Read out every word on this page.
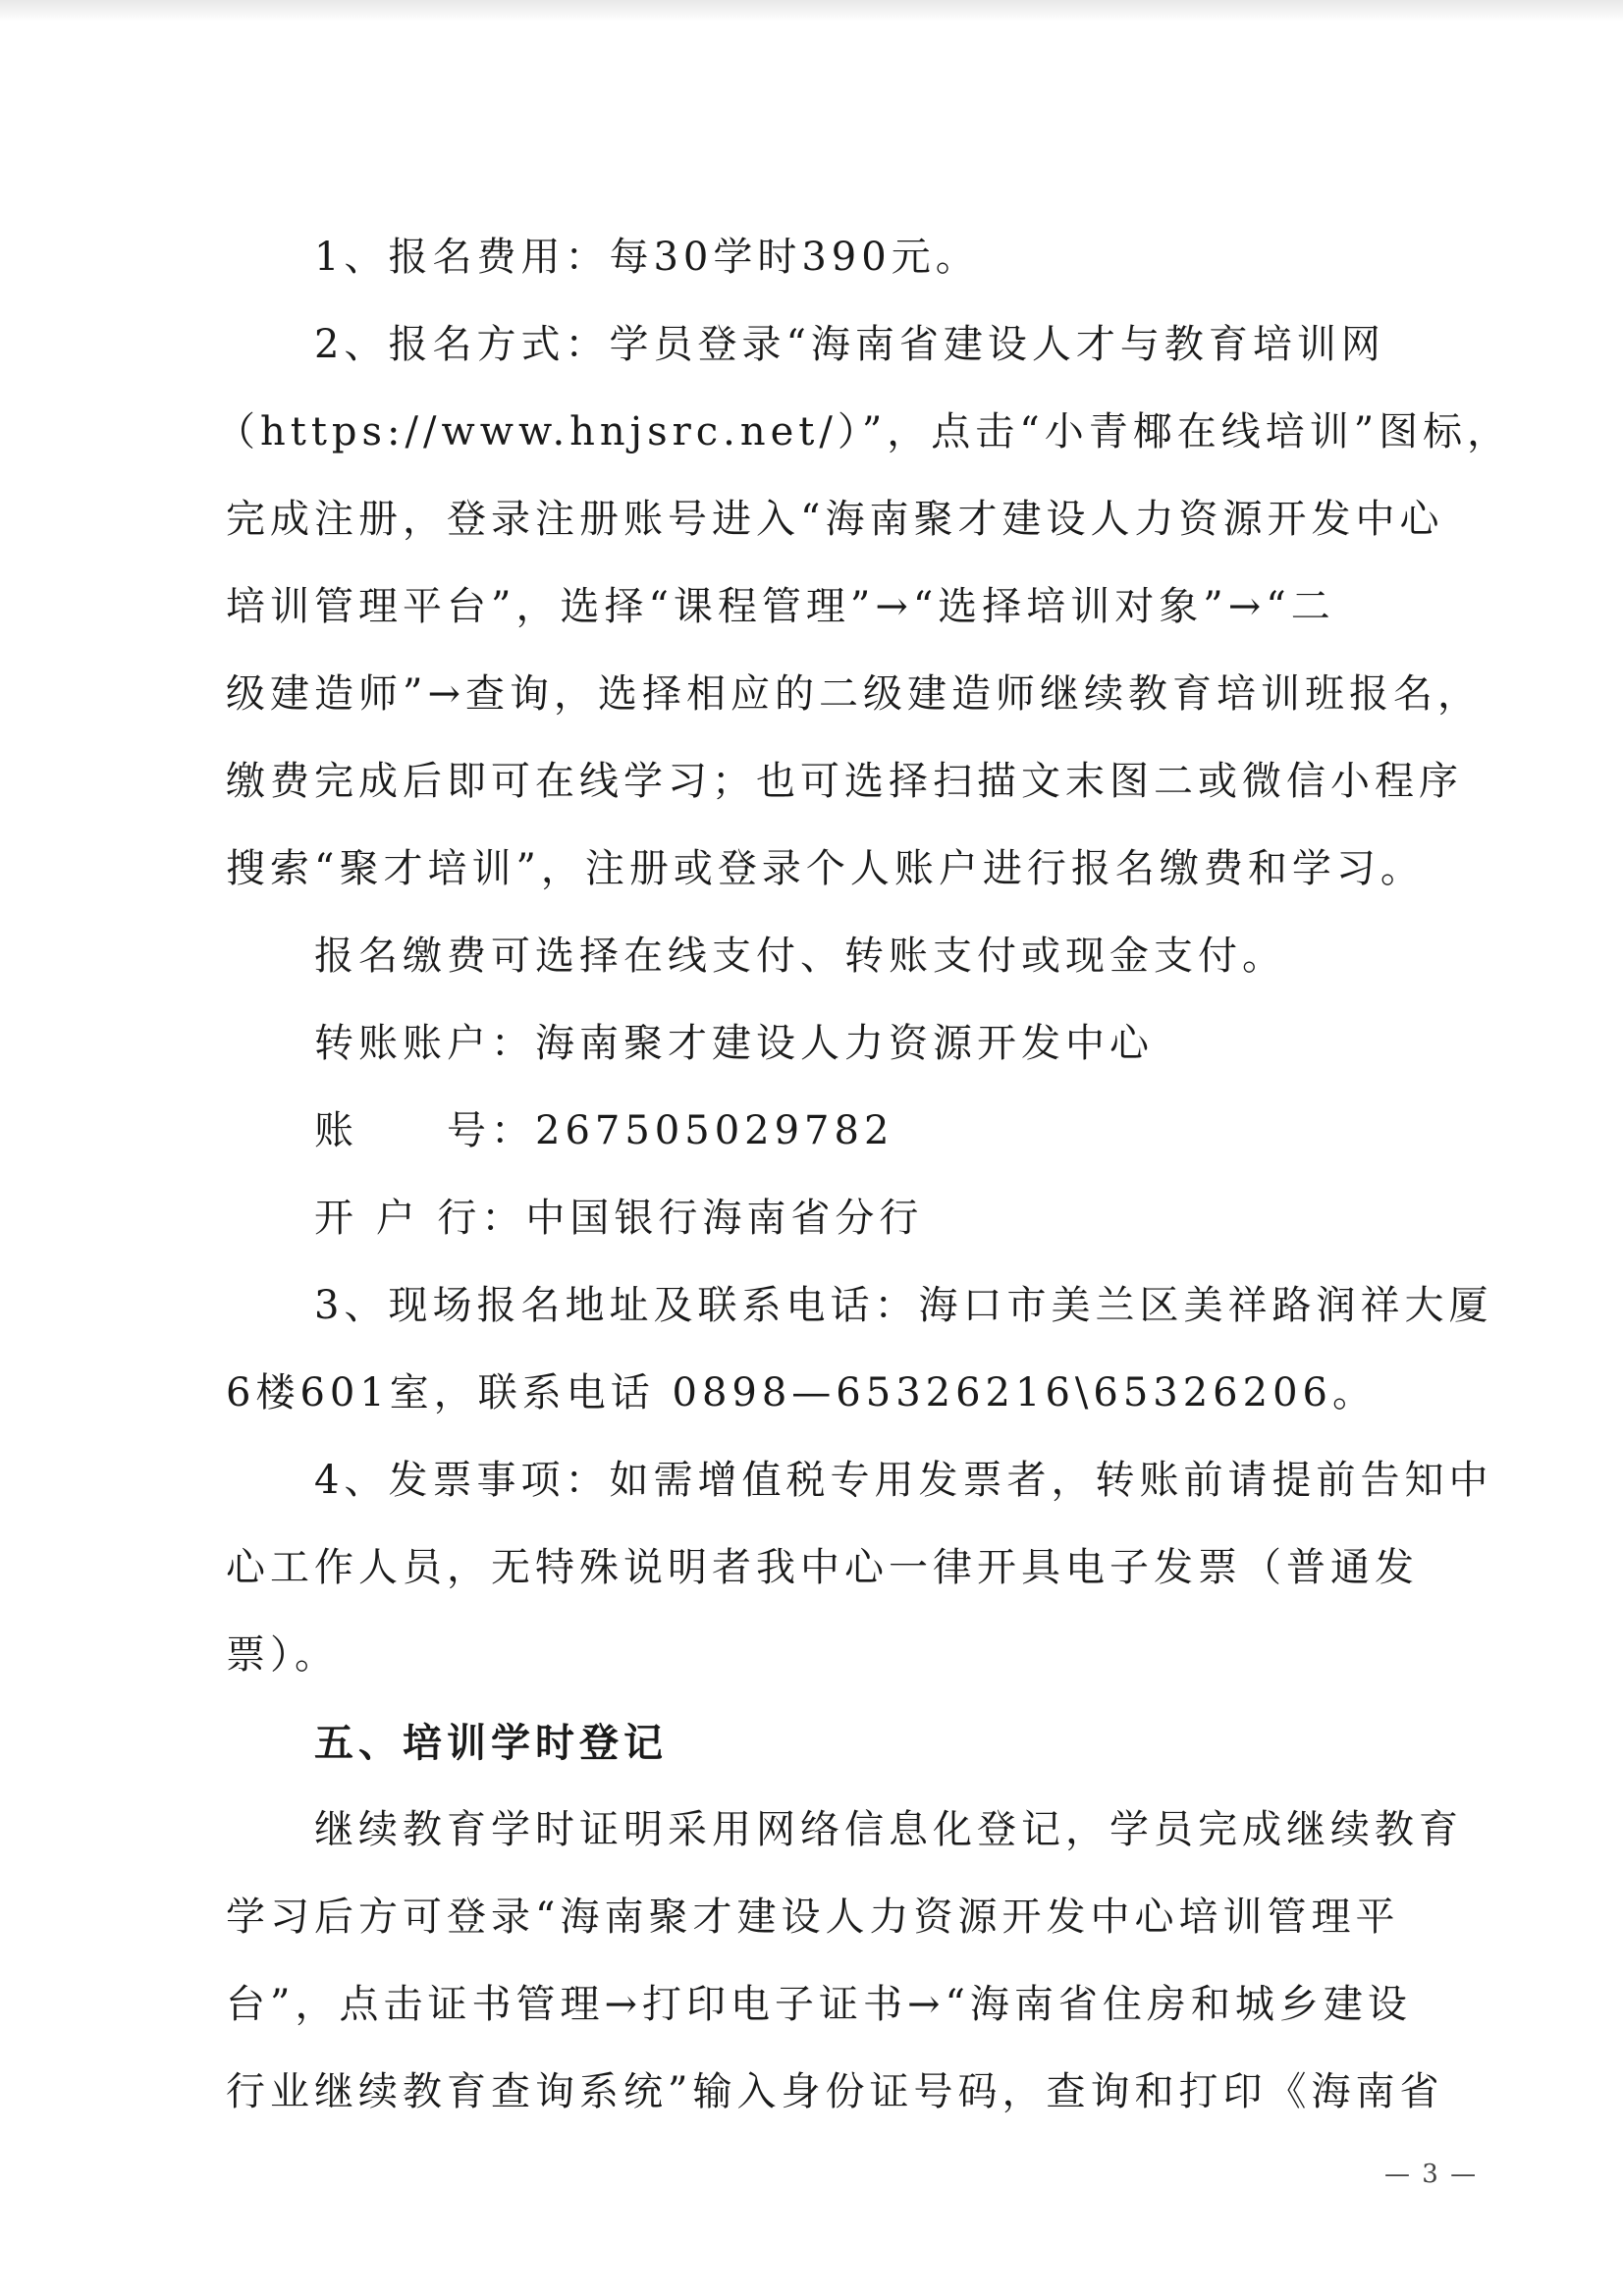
1、报名费用：每30学时390元。
2、报名方式：学员登录“海南省建设人才与教育培训网
（https://www.hnjsrc.net/）”，点击“小青椰在线培训”图标，
完成注册，登录注册账号进入“海南聚才建设人力资源开发中心
培训管理平台”，选择“课程管理”→“选择培训对象”→“二
级建造师”→查询，选择相应的二级建造师继续教育培训班报名，
缴费完成后即可在线学习；也可选择扫描文末图二或微信小程序
搜索“聚才培训”，注册或登录个人账户进行报名缴费和学习。
报名缴费可选择在线支付、转账支付或现金支付。
转账账户：海南聚才建设人力资源开发中心
账　　号：267505029782
开 户 行：中国银行海南省分行
3、现场报名地址及联系电话：海口市美兰区美祥路润祥大厦
6楼601室，联系电话 0898—65326216\65326206。
4、发票事项：如需增值税专用发票者，转账前请提前告知中
心工作人员，无特殊说明者我中心一律开具电子发票（普通发
票）。
五、培训学时登记
继续教育学时证明采用网络信息化登记，学员完成继续教育
学习后方可登录“海南聚才建设人力资源开发中心培训管理平
台”，点击证书管理→打印电子证书→“海南省住房和城乡建设
行业继续教育查询系统”输入身份证号码，查询和打印《海南省
— 3 —
